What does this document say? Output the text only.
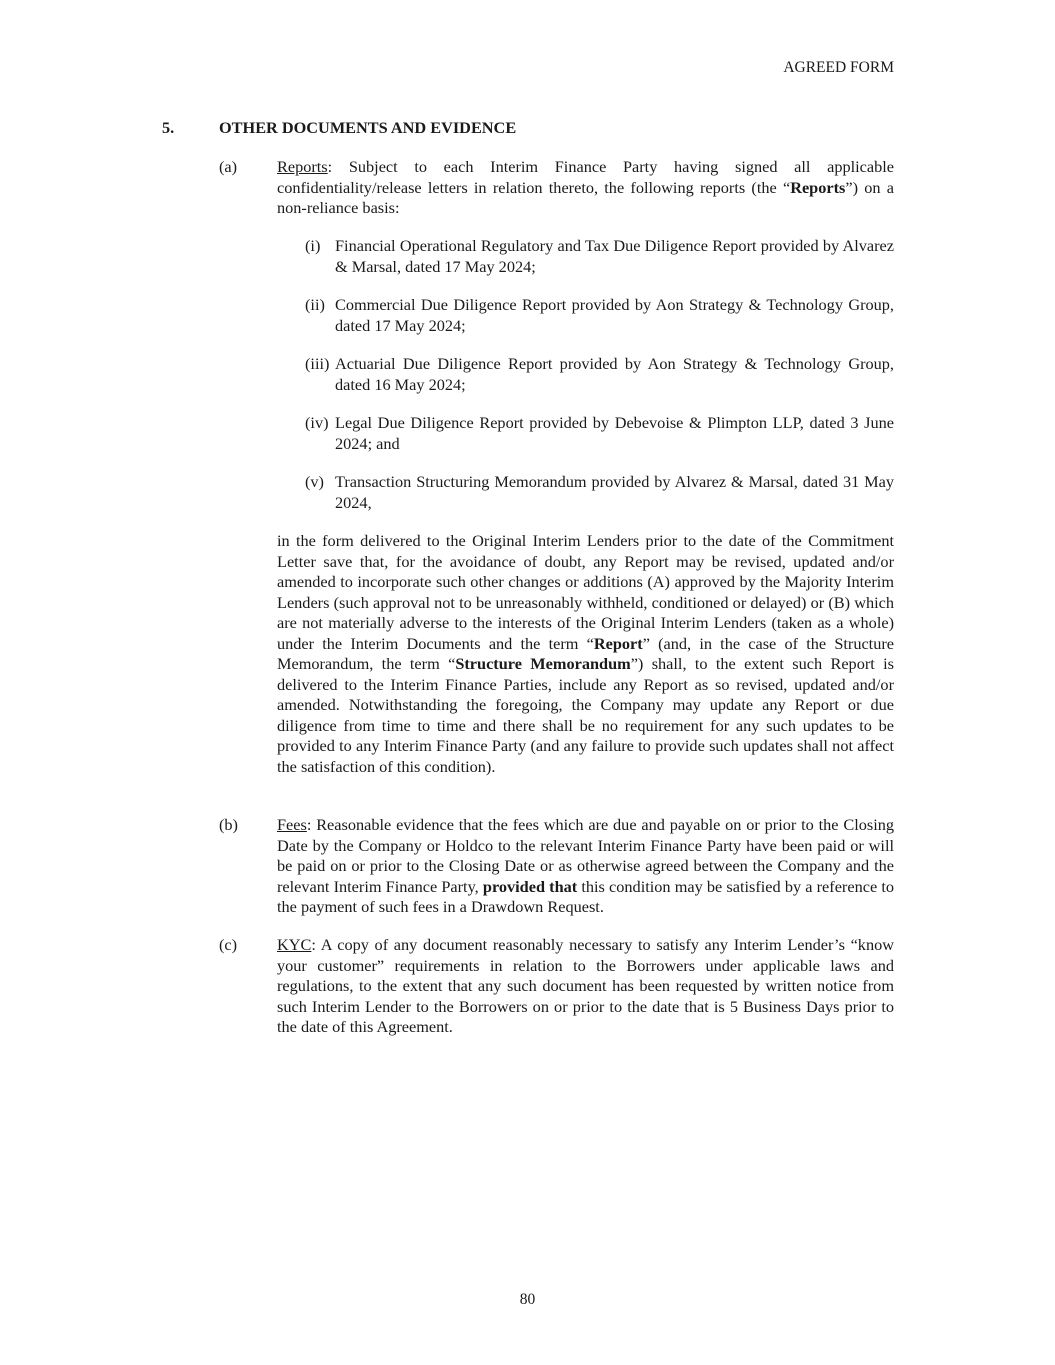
AGREED FORM
5.	OTHER DOCUMENTS AND EVIDENCE
(a) Reports: Subject to each Interim Finance Party having signed all applicable confidentiality/release letters in relation thereto, the following reports (the “Reports”) on a non-reliance basis:
(i) Financial Operational Regulatory and Tax Due Diligence Report provided by Alvarez & Marsal, dated 17 May 2024;
(ii) Commercial Due Diligence Report provided by Aon Strategy & Technology Group, dated 17 May 2024;
(iii) Actuarial Due Diligence Report provided by Aon Strategy & Technology Group, dated 16 May 2024;
(iv) Legal Due Diligence Report provided by Debevoise & Plimpton LLP, dated 3 June 2024; and
(v) Transaction Structuring Memorandum provided by Alvarez & Marsal, dated 31 May 2024,
in the form delivered to the Original Interim Lenders prior to the date of the Commitment Letter save that, for the avoidance of doubt, any Report may be revised, updated and/or amended to incorporate such other changes or additions (A) approved by the Majority Interim Lenders (such approval not to be unreasonably withheld, conditioned or delayed) or (B) which are not materially adverse to the interests of the Original Interim Lenders (taken as a whole) under the Interim Documents and the term “Report” (and, in the case of the Structure Memorandum, the term “Structure Memorandum”) shall, to the extent such Report is delivered to the Interim Finance Parties, include any Report as so revised, updated and/or amended. Notwithstanding the foregoing, the Company may update any Report or due diligence from time to time and there shall be no requirement for any such updates to be provided to any Interim Finance Party (and any failure to provide such updates shall not affect the satisfaction of this condition).
(b) Fees: Reasonable evidence that the fees which are due and payable on or prior to the Closing Date by the Company or Holdco to the relevant Interim Finance Party have been paid or will be paid on or prior to the Closing Date or as otherwise agreed between the Company and the relevant Interim Finance Party, provided that this condition may be satisfied by a reference to the payment of such fees in a Drawdown Request.
(c) KYC: A copy of any document reasonably necessary to satisfy any Interim Lender’s “know your customer” requirements in relation to the Borrowers under applicable laws and regulations, to the extent that any such document has been requested by written notice from such Interim Lender to the Borrowers on or prior to the date that is 5 Business Days prior to the date of this Agreement.
80
